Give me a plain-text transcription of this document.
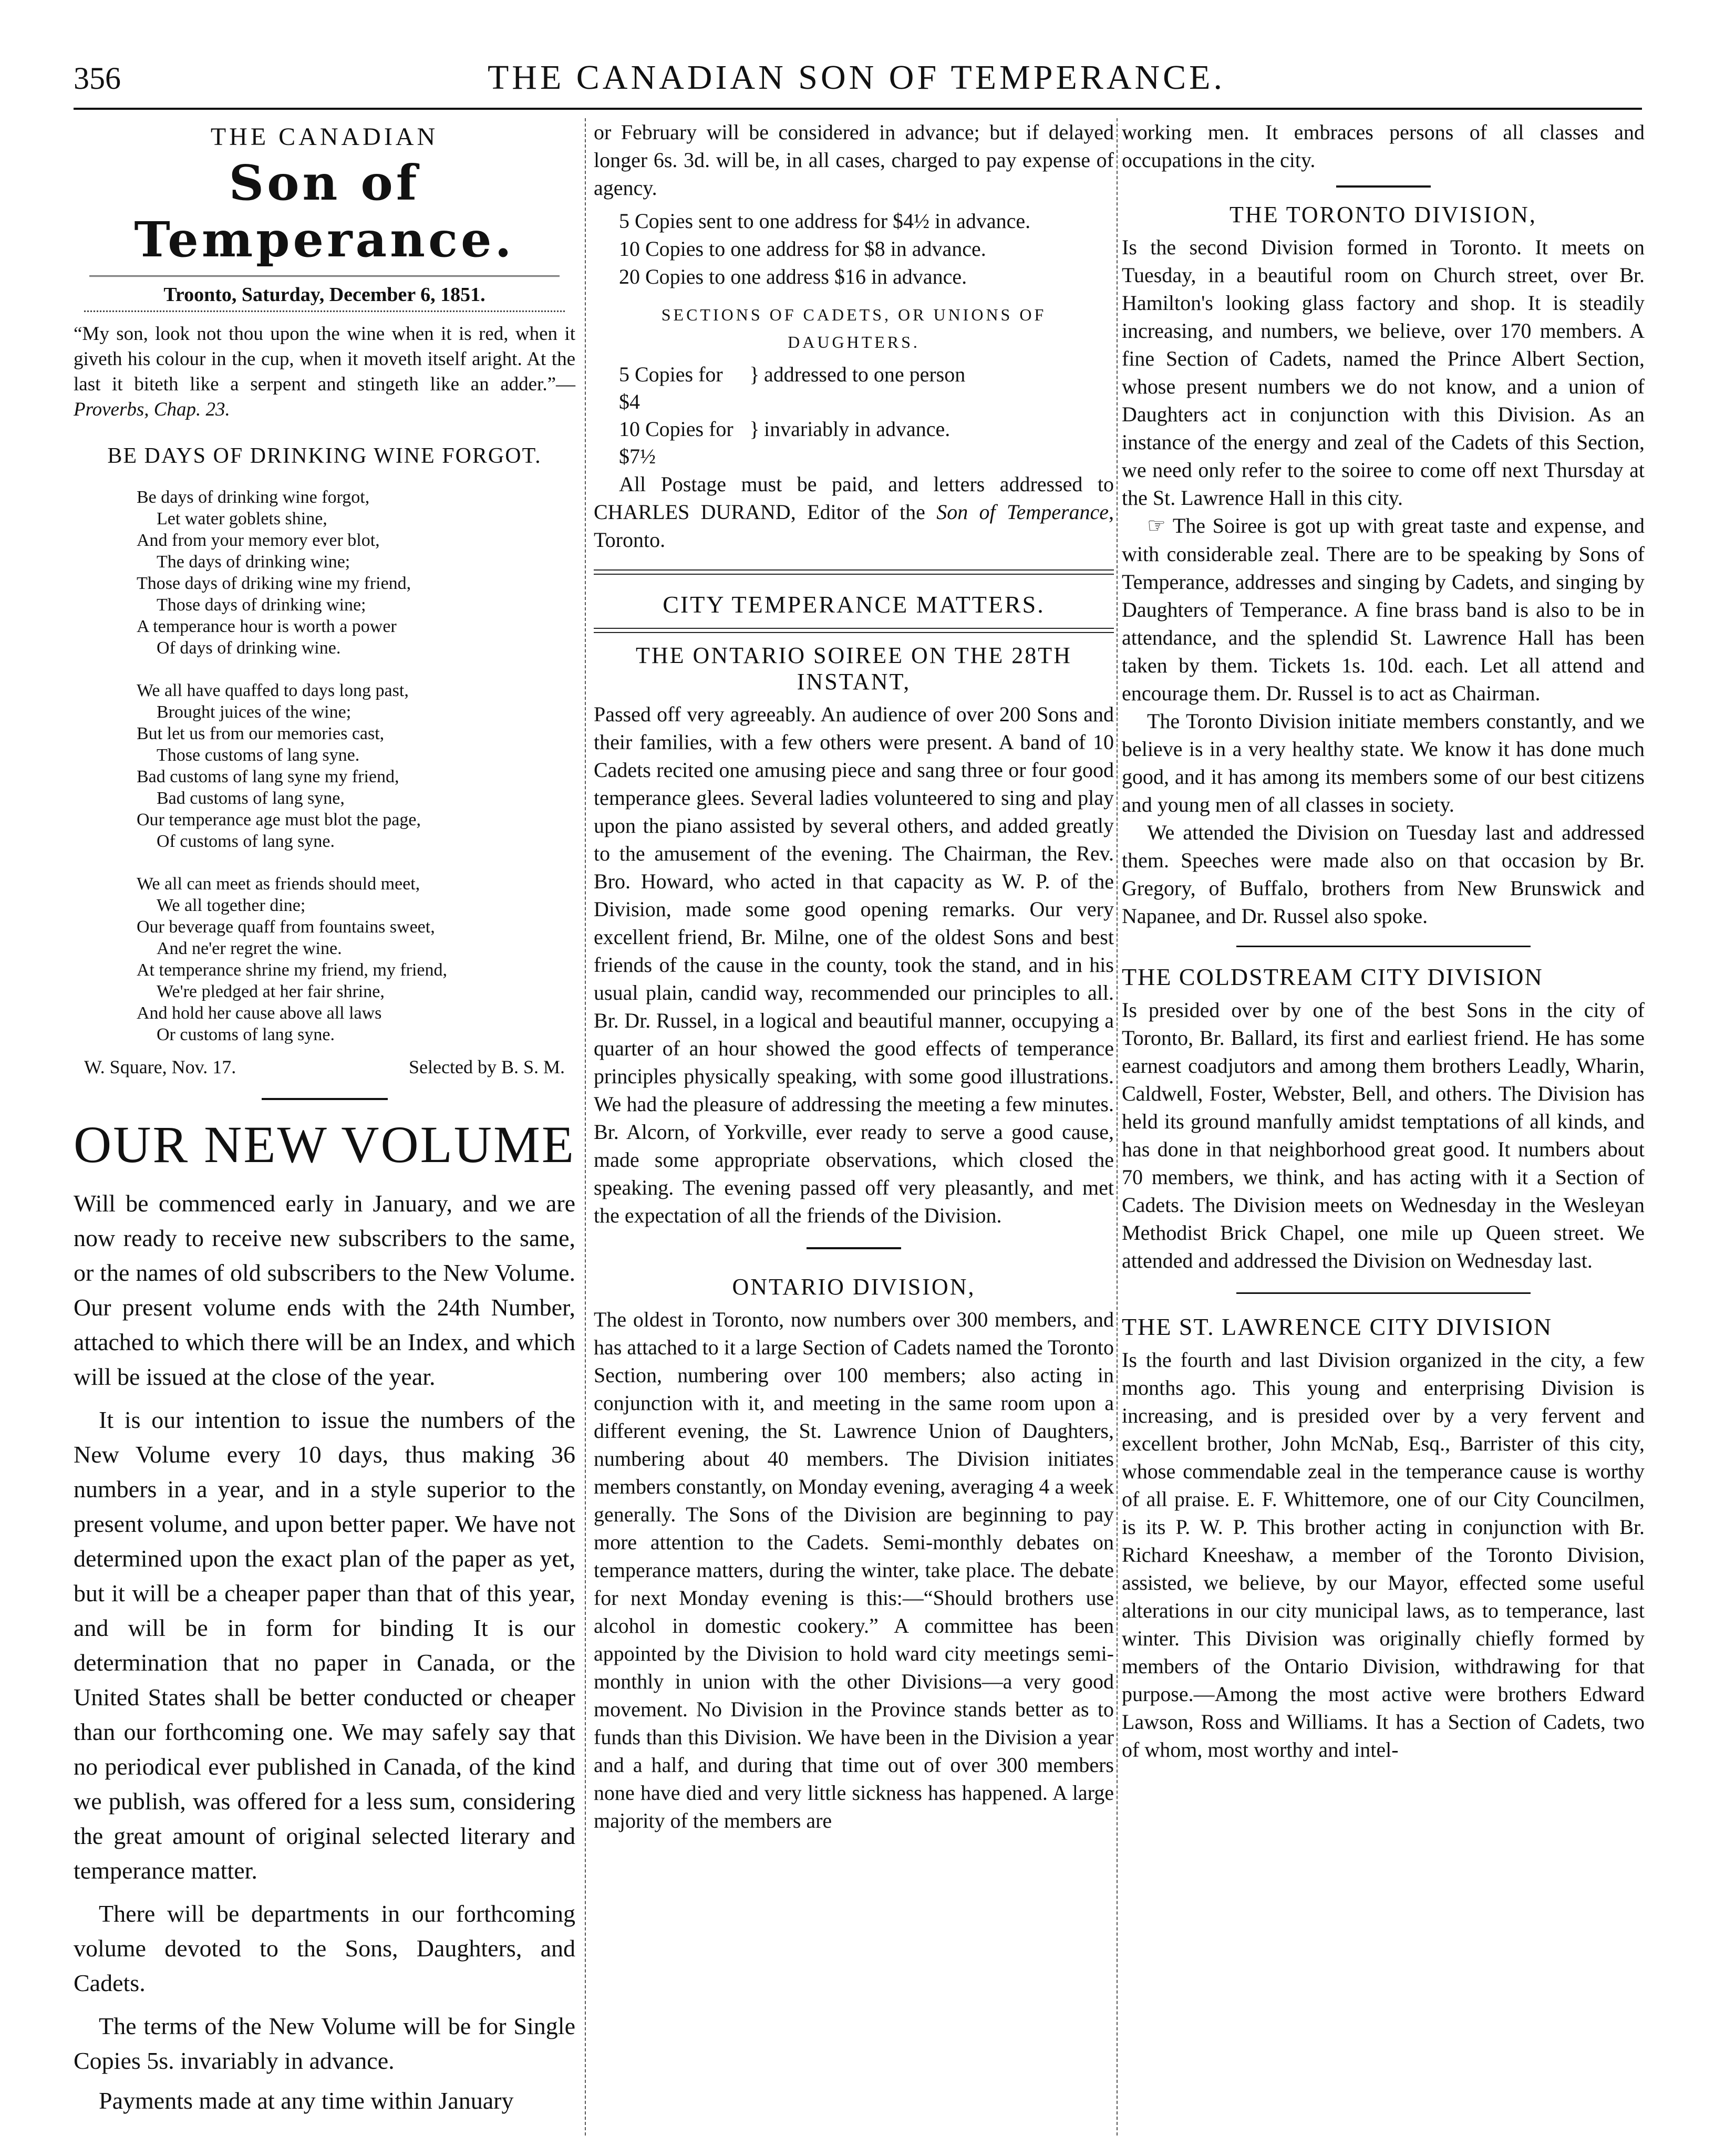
356	THE CANADIAN SON OF TEMPERANCE.
THE CANADIAN
Son of Temperance.
Troonto, Saturday, December 6, 1851.

“My son, look not thou upon the wine when it is red, when it giveth his colour in the cup, when it moveth itself aright. At the last it biteth like a serpent and stingeth like an adder.”—Proverbs, Chap. 23.

BE DAYS OF DRINKING WINE FORGOT.
Be days of drinking wine forgot,
Let water goblets shine,
And from your memory ever blot,
The days of drinking wine;
Those days of driking wine my friend,
Those days of drinking wine;
A temperance hour is worth a power
Of days of drinking wine.
We all have quaffed to days long past,
Brought juices of the wine;
But let us from our memories cast,
Those customs of lang syne.
Bad customs of lang syne my friend,
Bad customs of lang syne,
Our temperance age must blot the page,
Of customs of lang syne.
We all can meet as friends should meet,
We all together dine;
Our beverage quaff from fountains sweet,
And ne'er regret the wine.
At temperance shrine my friend, my friend,
We're pledged at her fair shrine,
And hold her cause above all laws
Or customs of lang syne.
W. Square, Nov. 17.	Selected by B. S. M.
OUR NEW VOLUME

Will be commenced early in January, and we are now ready to receive new subscribers to the same, or the names of old subscribers to the New Volume. Our present volume ends with the 24th Number, attached to which there will be an Index, and which will be issued at the close of the year.

It is our intention to issue the numbers of the New Volume every 10 days, thus making 36 numbers in a year, and in a style superior to the present volume, and upon better paper. We have not determined upon the exact plan of the paper as yet, but it will be a cheaper paper than that of this year, and will be in form for binding It is our determination that no paper in Canada, or the United States shall be better conducted or cheaper than our forthcoming one. We may safely say that no periodical ever published in Canada, of the kind we publish, was offered for a less sum, considering the great amount of original selected literary and temperance matter.

There will be departments in our forthcoming volume devoted to the Sons, Daughters, and Cadets.

The terms of the New Volume will be for Single Copies 5s. invariably in advance.

Payments made at any time within January

or February will be considered in advance; but if delayed longer 6s. 3d. will be, in all cases, charged to pay expense of agency.

5 Copies sent to one address for $4½ in advance.

10 Copies to one address for $8 in advance.

20 Copies to one address $16 in advance.

SECTIONS OF CADETS, OR UNIONS OF DAUGHTERS.
5 Copies for $4
} addressed to one person
10 Copies for $7½
} invariably in advance.

All Postage must be paid, and letters addressed to CHARLES DURAND, Editor of the Son of Temperance, Toronto.

CITY TEMPERANCE MATTERS.
THE ONTARIO SOIREE ON THE 28TH INSTANT,

Passed off very agreeably. An audience of over 200 Sons and their families, with a few others were present. A band of 10 Cadets recited one amusing piece and sang three or four good temperance glees. Several ladies volunteered to sing and play upon the piano assisted by several others, and added greatly to the amusement of the evening. The Chairman, the Rev. Bro. Howard, who acted in that capacity as W. P. of the Division, made some good opening remarks. Our very excellent friend, Br. Milne, one of the oldest Sons and best friends of the cause in the county, took the stand, and in his usual plain, candid way, recommended our principles to all. Br. Dr. Russel, in a logical and beautiful manner, occupying a quarter of an hour showed the good effects of temperance principles physically speaking, with some good illustrations. We had the pleasure of addressing the meeting a few minutes. Br. Alcorn, of Yorkville, ever ready to serve a good cause, made some appropriate observations, which closed the speaking. The evening passed off very pleasantly, and met the expectation of all the friends of the Division.

ONTARIO DIVISION,

The oldest in Toronto, now numbers over 300 members, and has attached to it a large Section of Cadets named the Toronto Section, numbering over 100 members; also acting in conjunction with it, and meeting in the same room upon a different evening, the St. Lawrence Union of Daughters, numbering about 40 members. The Division initiates members constantly, on Monday evening, averaging 4 a week generally. The Sons of the Division are beginning to pay more attention to the Cadets. Semi-monthly debates on temperance matters, during the winter, take place. The debate for next Monday evening is this:—“Should brothers use alcohol in domestic cookery.” A committee has been appointed by the Division to hold ward city meetings semi-monthly in union with the other Divisions—a very good movement. No Division in the Province stands better as to funds than this Division. We have been in the Division a year and a half, and during that time out of over 300 members none have died and very little sickness has happened. A large majority of the members are

working men. It embraces persons of all classes and occupations in the city.

THE TORONTO DIVISION,

Is the second Division formed in Toronto. It meets on Tuesday, in a beautiful room on Church street, over Br. Hamilton's looking glass factory and shop. It is steadily increasing, and numbers, we believe, over 170 members. A fine Section of Cadets, named the Prince Albert Section, whose present numbers we do not know, and a union of Daughters act in conjunction with this Division. As an instance of the energy and zeal of the Cadets of this Section, we need only refer to the soiree to come off next Thursday at the St. Lawrence Hall in this city.

☞ The Soiree is got up with great taste and expense, and with considerable zeal. There are to be speaking by Sons of Temperance, addresses and singing by Cadets, and singing by Daughters of Temperance. A fine brass band is also to be in attendance, and the splendid St. Lawrence Hall has been taken by them. Tickets 1s. 10d. each. Let all attend and encourage them. Dr. Russel is to act as Chairman.

The Toronto Division initiate members constantly, and we believe is in a very healthy state. We know it has done much good, and it has among its members some of our best citizens and young men of all classes in society.

We attended the Division on Tuesday last and addressed them. Speeches were made also on that occasion by Br. Gregory, of Buffalo, brothers from New Brunswick and Napanee, and Dr. Russel also spoke.

THE COLDSTREAM CITY DIVISION

Is presided over by one of the best Sons in the city of Toronto, Br. Ballard, its first and earliest friend. He has some earnest coadjutors and among them brothers Leadly, Wharin, Caldwell, Foster, Webster, Bell, and others. The Division has held its ground manfully amidst temptations of all kinds, and has done in that neighborhood great good. It numbers about 70 members, we think, and has acting with it a Section of Cadets. The Division meets on Wednesday in the Wesleyan Methodist Brick Chapel, one mile up Queen street. We attended and addressed the Division on Wednesday last.

THE ST. LAWRENCE CITY DIVISION

Is the fourth and last Division organized in the city, a few months ago. This young and enterprising Division is increasing, and is presided over by a very fervent and excellent brother, John McNab, Esq., Barrister of this city, whose commendable zeal in the temperance cause is worthy of all praise. E. F. Whittemore, one of our City Councilmen, is its P. W. P. This brother acting in conjunction with Br. Richard Kneeshaw, a member of the Toronto Division, assisted, we believe, by our Mayor, effected some useful alterations in our city municipal laws, as to temperance, last winter. This Division was originally chiefly formed by members of the Ontario Division, withdrawing for that purpose.—Among the most active were brothers Edward Lawson, Ross and Williams. It has a Section of Cadets, two of whom, most worthy and intel-
